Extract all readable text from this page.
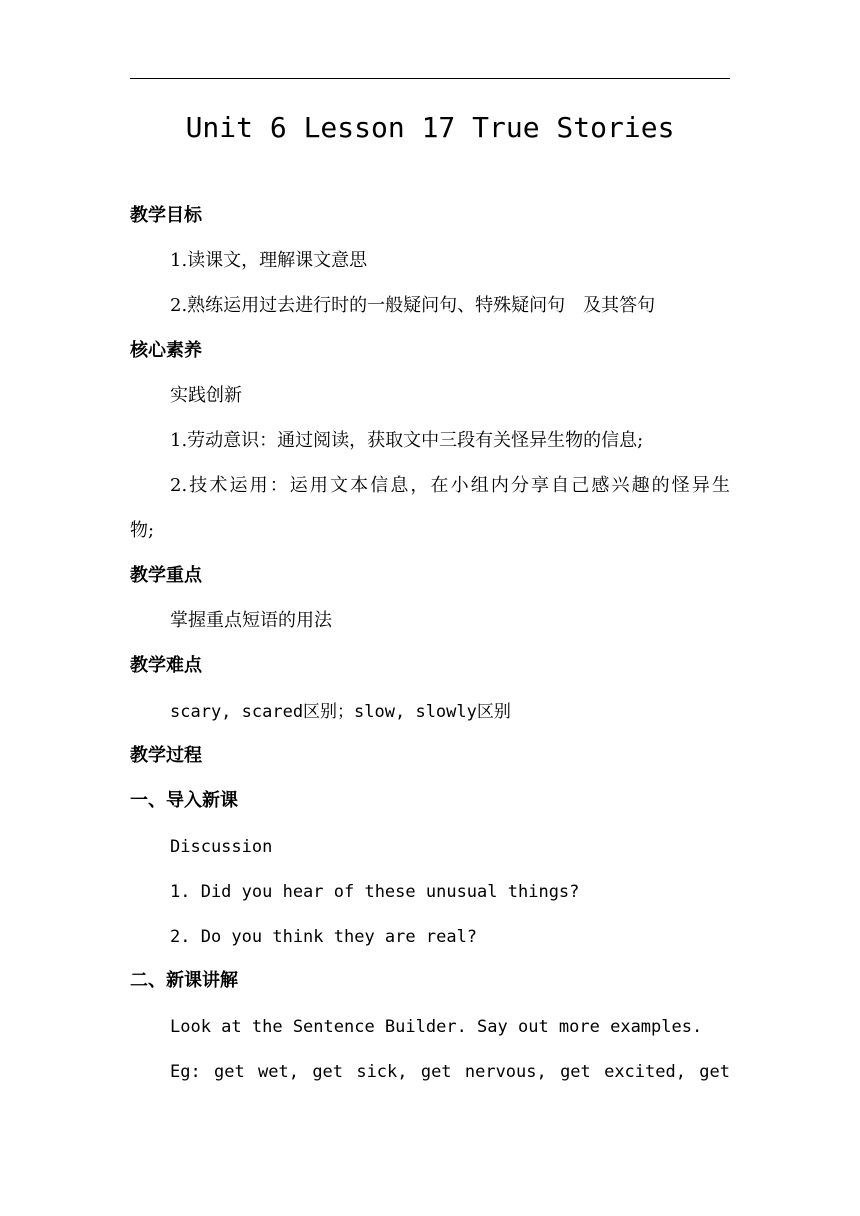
Unit 6 Lesson 17 True Stories
教学目标
1.读课文，理解课文意思
2.熟练运用过去进行时的一般疑问句、特殊疑问句　及其答句
核心素养
实践创新
1.劳动意识：通过阅读，获取文中三段有关怪异生物的信息;
2.技术运用：运用文本信息，在小组内分享自己感兴趣的怪异生
物;
教学重点
掌握重点短语的用法
教学难点
scary, scared区别；slow, slowly区别
教学过程
一、导入新课
Discussion
1. Did you hear of these unusual things?
2. Do you think they are real?
二、新课讲解
Look at the Sentence Builder. Say out more examples.
Eg: get wet, get sick, get nervous, get excited, get
